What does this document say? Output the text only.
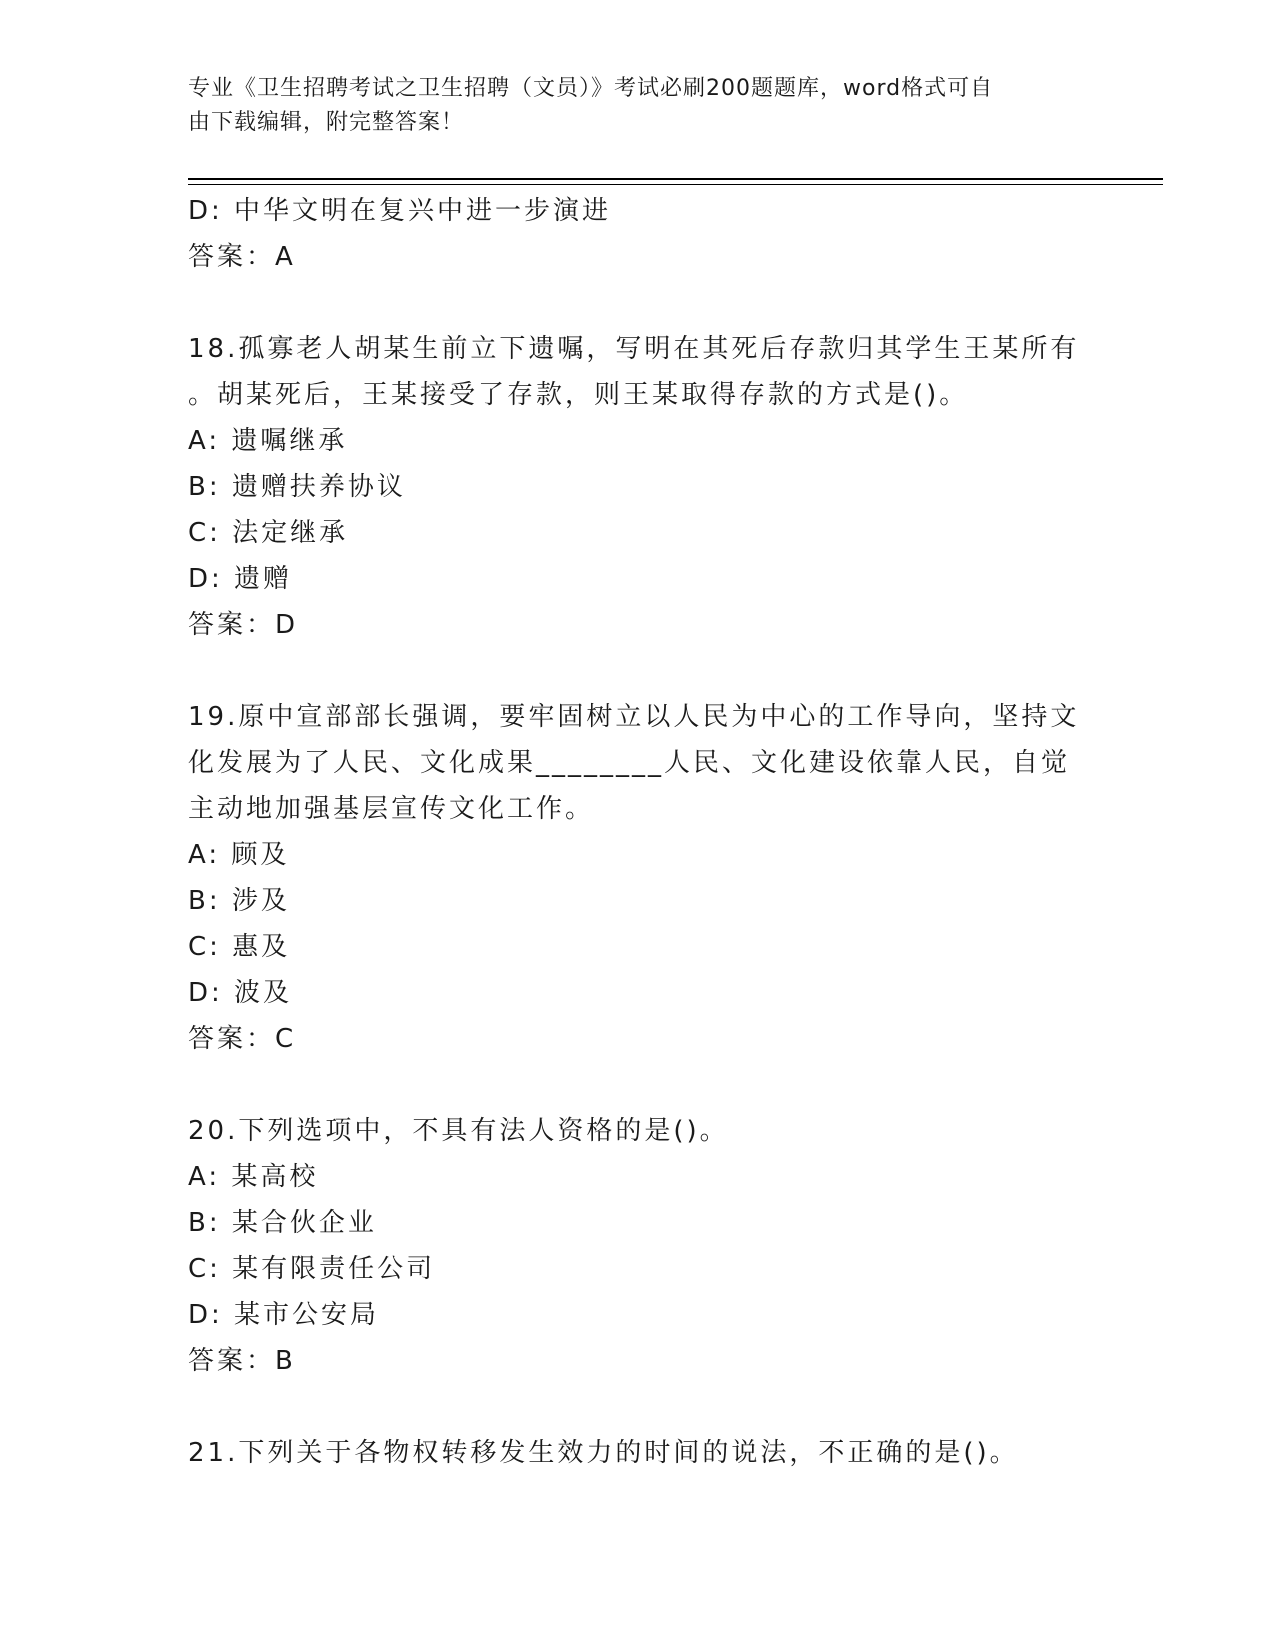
专业《卫生招聘考试之卫生招聘（文员）》考试必刷200题题库，word格式可自
由下载编辑，附完整答案！

D: 中华文明在复兴中进一步演进

答案：A

18.孤寡老人胡某生前立下遗嘱，写明在其死后存款归其学生王某所有

。胡某死后，王某接受了存款，则王某取得存款的方式是()。

A: 遗嘱继承

B: 遗赠扶养协议

C: 法定继承

D: 遗赠

答案：D

19.原中宣部部长强调，要牢固树立以人民为中心的工作导向，坚持文

化发展为了人民、文化成果________人民、文化建设依靠人民，自觉

主动地加强基层宣传文化工作。

A: 顾及

B: 涉及

C: 惠及

D: 波及

答案：C

20.下列选项中，不具有法人资格的是()。

A: 某高校

B: 某合伙企业

C: 某有限责任公司

D: 某市公安局

答案：B

21.下列关于各物权转移发生效力的时间的说法，不正确的是()。
